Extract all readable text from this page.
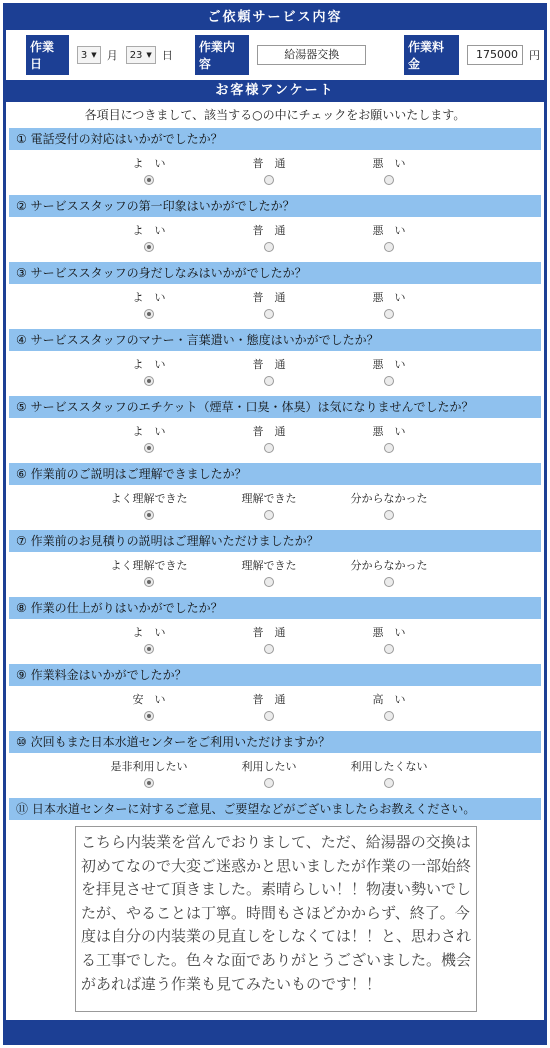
ご依頼サービス内容
作業日
3 ▼ 月 23 ▼ 日
作業内容
給湯器交換
作業料金
175000	円
お客様アンケート
各項目につきまして、該当する○の中にチェックをお願いいたします。
① 電話受付の対応はいかがでしたか？
よ　い	普　通	悪　い
② サービススタッフの第一印象はいかがでしたか？
よ　い	普　通	悪　い
③ サービススタッフの身だしなみはいかがでしたか？
よ　い	普　通	悪　い
④ サービススタッフのマナー・言葉遣い・態度はいかがでしたか？
よ　い	普　通	悪　い
⑤ サービススタッフのエチケット（煙草・口臭・体臭）は気になりませんでしたか？
よ　い	普　通	悪　い
⑥ 作業前のご説明はご理解できましたか？
よく理解できた	理解できた	分からなかった
⑦ 作業前のお見積りの説明はご理解いただけましたか？
よく理解できた	理解できた	分からなかった
⑧ 作業の仕上がりはいかがでしたか？
よ　い	普　通	悪　い
⑨ 作業料金はいかがでしたか？
安　い	普　通	高　い
⑩ 次回もまた日本水道センターをご利用いただけますか？
是非利用したい	利用したい	利用したくない
⑪ 日本水道センターに対するご意見、ご要望などがございましたらお教えください。
こちら内装業を営んでおりまして、ただ、給湯器の交換は初めてなので大変ご迷惑かと思いましたが作業の一部始終を拝見させて頂きました。素晴らしい！！物凄い勢いでしたが、やることは丁寧。時間もさほどかからず、終了。今度は自分の内装業の見直しをしなくては！！と、思わされる工事でした。色々な面でありがとうございました。機会があれば違う作業も見てみたいものです！！
